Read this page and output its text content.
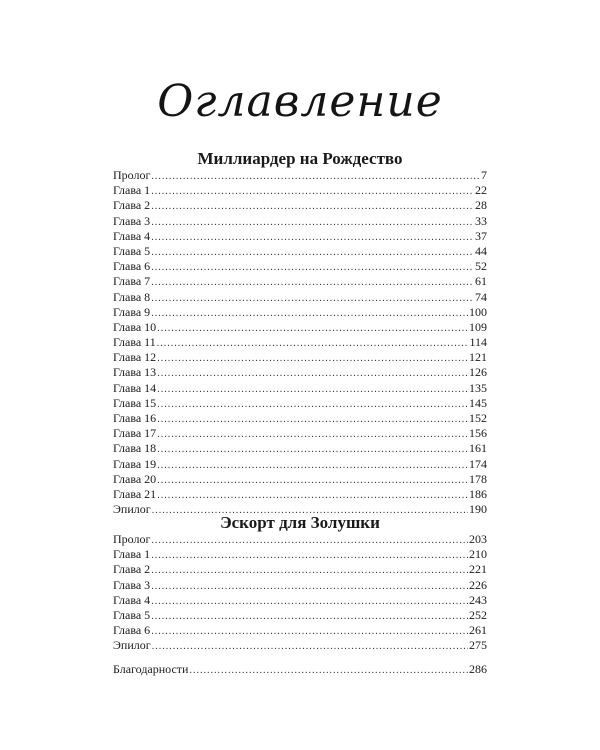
Оглавление
Миллиардер на Рождество
Пролог .....	7
Глава 1 .....	22
Глава 2 .....	28
Глава 3 .....	33
Глава 4 .....	37
Глава 5 .....	44
Глава 6 .....	52
Глава 7 .....	61
Глава 8 .....	74
Глава 9 .....	100
Глава 10 .....	109
Глава 11 .....	114
Глава 12 .....	121
Глава 13 .....	126
Глава 14 .....	135
Глава 15 .....	145
Глава 16 .....	152
Глава 17 .....	156
Глава 18 .....	161
Глава 19 .....	174
Глава 20 .....	178
Глава 21 .....	186
Эпилог .....	190
Эскорт для Золушки
Пролог .....	203
Глава 1 .....	210
Глава 2 .....	221
Глава 3 .....	226
Глава 4 .....	243
Глава 5 .....	252
Глава 6 .....	261
Эпилог .....	275
Благодарности .....	286
